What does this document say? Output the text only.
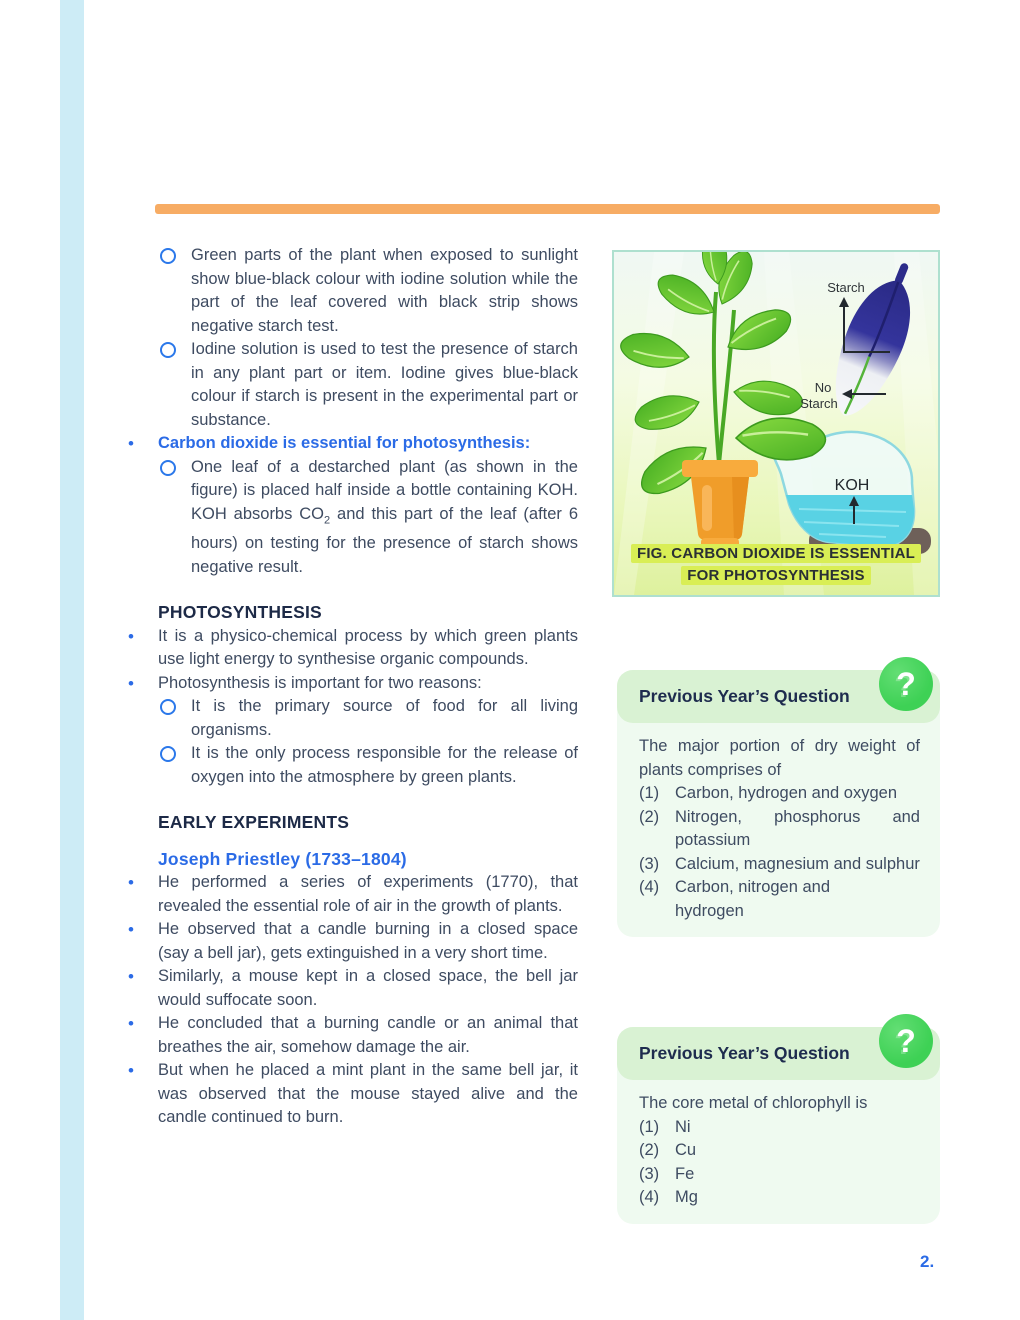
Green parts of the plant when exposed to sunlight show blue-black colour with iodine solution while the part of the leaf covered with black strip shows negative starch test.
Iodine solution is used to test the presence of starch in any plant part or item. Iodine gives blue-black colour if starch is present in the experimental part or substance.
•	Carbon dioxide is essential for photosynthesis:
One leaf of a destarched plant (as shown in the figure) is placed half inside a bottle containing KOH. KOH absorbs $CO_2$ and this part of the leaf (after 6 hours) on testing for the presence of starch shows negative result.
PHOTOSYNTHESIS
•	It is a physico-chemical process by which green plants use light energy to synthesise organic compounds.
•	Photosynthesis is important for two reasons:
It is the primary source of food for all living organisms.
It is the only process responsible for the release of oxygen into the atmosphere by green plants.
EARLY EXPERIMENTS
Joseph Priestley (1733–1804)
•	He performed a series of experiments (1770), that revealed the essential role of air in the growth of plants.
•	He observed that a candle burning in a closed space (say a bell jar), gets extinguished in a very short time.
•	Similarly, a mouse kept in a closed space, the bell jar would suffocate soon.
•	He concluded that a burning candle or an animal that breathes the air, somehow damage the air.
•	But when he placed a mint plant in the same bell jar, it was observed that the mouse stayed alive and the candle continued to burn.
KOH
Starch
No
Starch
FIG. CARBON DIOXIDE IS ESSENTIAL
FOR PHOTOSYNTHESIS
Previous Year’s Question	?
The major portion of dry weight of plants comprises of
(1) Carbon, hydrogen and oxygen
(2) Nitrogen, phosphorus and potassium
(3) Calcium, magnesium and sulphur
(4) Carbon, nitrogen and hydrogen
Previous Year’s Question	?
The core metal of chlorophyll is
(1) Ni
(2) Cu
(3) Fe
(4) Mg
2.
